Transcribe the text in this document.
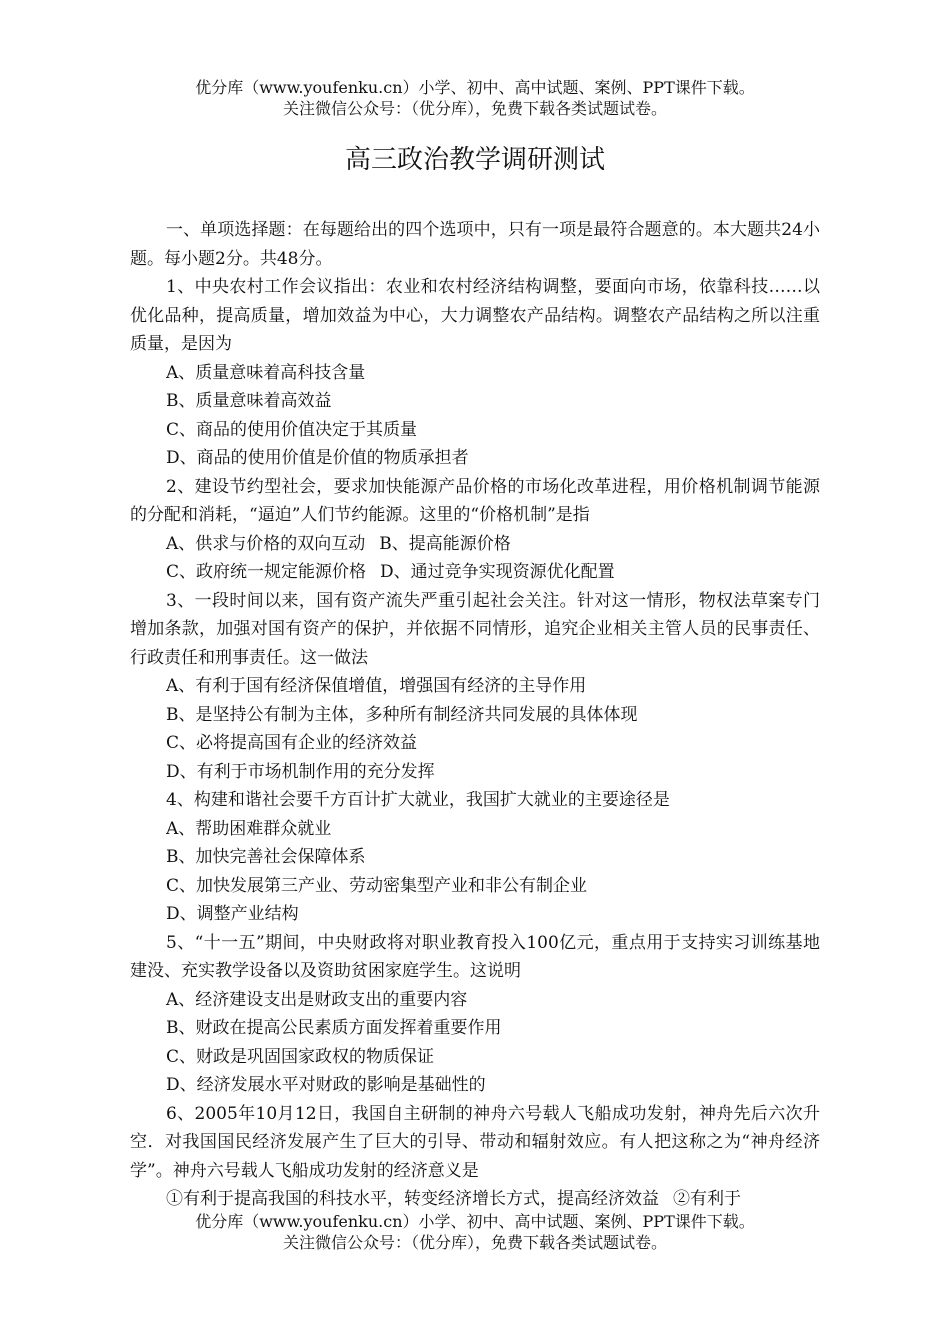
优分库（www.youfenku.cn）小学、初中、高中试题、案例、PPT课件下载。
关注微信公众号：（优分库），免费下载各类试题试卷。
高三政治教学调研测试

一、单项选择题：在每题给出的四个选项中，只有一项是最符合题意的。本大题共24小题。每小题2分。共48分。

1、中央农村工作会议指出：农业和农村经济结构调整，要面向市场，依靠科技……以优化品种，提高质量，增加效益为中心，大力调整农产品结构。调整农产品结构之所以注重质量，是因为

A、质量意味着高科技含量

B、质量意味着高效益

C、商品的使用价值决定于其质量

D、商品的使用价值是价值的物质承担者

2、建设节约型社会，要求加快能源产品价格的市场化改革进程，用价格机制调节能源的分配和消耗，“逼迫”人们节约能源。这里的“价格机制”是指

A、供求与价格的双向互动 B、提高能源价格

C、政府统一规定能源价格 D、通过竞争实现资源优化配置

3、一段时间以来，国有资产流失严重引起社会关注。针对这一情形，物权法草案专门增加条款，加强对国有资产的保护，并依据不同情形，追究企业相关主管人员的民事责任、行政责任和刑事责任。这一做法

A、有利于国有经济保值增值，增强国有经济的主导作用

B、是坚持公有制为主体，多种所有制经济共同发展的具体体现

C、必将提高国有企业的经济效益

D、有利于市场机制作用的充分发挥

4、构建和谐社会要千方百计扩大就业，我国扩大就业的主要途径是

A、帮助困难群众就业

B、加快完善社会保障体系

C、加快发展第三产业、劳动密集型产业和非公有制企业

D、调整产业结构

5、“十一五”期间，中央财政将对职业教育投入100亿元，重点用于支持实习训练基地建没、充实教学设备以及资助贫困家庭学生。这说明

A、经济建设支出是财政支出的重要内容

B、财政在提高公民素质方面发挥着重要作用

C、财政是巩固国家政权的物质保证

D、经济发展水平对财政的影响是基础性的

6、2005年10月12日，我国自主研制的神舟六号载人飞船成功发射，神舟先后六次升空．对我国国民经济发展产生了巨大的引导、带动和辐射效应。有人把这称之为“神舟经济学”。神舟六号载人飞船成功发射的经济意义是

①有利于提高我国的科技水平，转变经济增长方式，提高经济效益 ②有利于

优分库（www.youfenku.cn）小学、初中、高中试题、案例、PPT课件下载。
关注微信公众号：（优分库），免费下载各类试题试卷。
